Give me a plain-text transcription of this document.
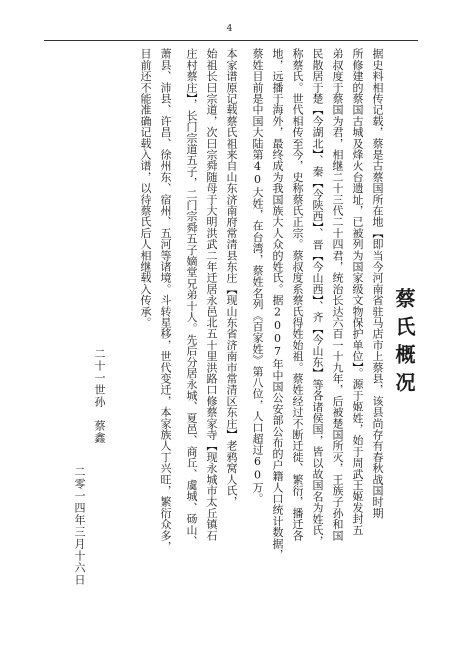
4
蔡氏概况
据史料相传记载，蔡是古蔡国所在地【即当今河南省驻马店市上蔡县，该县尚存有春秋战国时期
所修建的蔡国古城及烽火台遗址，已被列为国家级文物保护单位】。源于姬姓，始于周武王姬发封五
弟叔度于蔡国为君，相继二十三代二十四君，统治长达六百一十九年，后被楚国所灭，王族子孙和国
民散居于楚【今湖北】、秦【今陕西】、晋【今山西】、齐【今山东】等各诸侯国，皆以故国名为姓氏，
称蔡氏。世代相传至今，史称蔡氏正宗。蔡叔度系蔡氏得姓始祖。蔡姓经过不断迁徙、繁衍，播迁各
地，远播于海外，最终成为我国族大人众的姓氏。据2007年中国公安部公布的户籍人口统计数据，
蔡姓目前是中国大陆第40大姓，在台湾，蔡姓名列《百家姓》第八位，人口超过60万。
本家谱原记载蔡氏祖来自山东济南府常清县东庄【现山东省济南市常清区东庄】老鸦窝人氏，
始祖长曰宗道，次曰宗舜随母于大明洪武二年迁居永邑北五十里洪路口修蔡家寺【现永城市太丘镇石
庄村蔡庄】，长门宗道五子，二门宗舜五子嫡堂兄弟十人。先后分居永城、夏邑、商丘、虞城、砀山、
萧县、沛县、许昌、徐州东、宿州、五河等诸境。斗转星移，世代变迁，本家族人丁兴旺，繁衍众多，
目前还不能准确记载入谱，以待蔡氏后人相继载入传承。
二十一世孙　蔡鑫
二零一四年三月十六日
